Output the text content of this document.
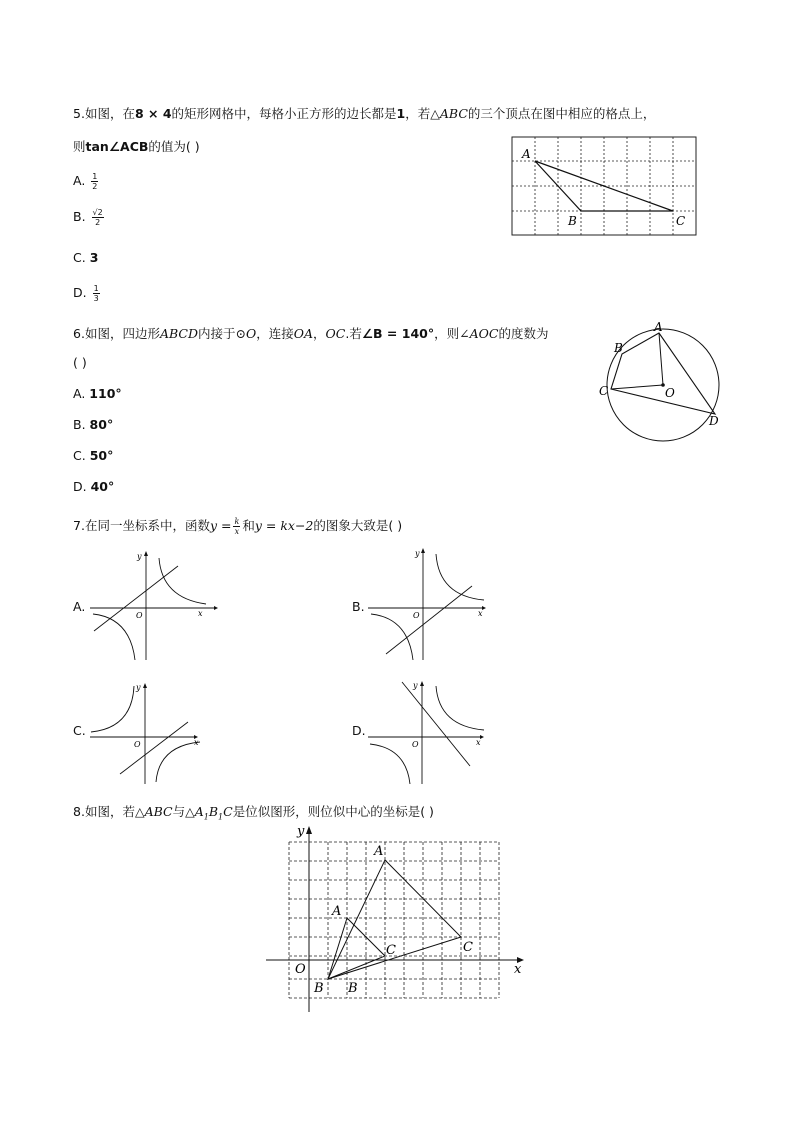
5.如图，在8 × 4的矩形网格中，每格小正方形的边长都是1，若△ABC的三个顶点在图中相应的格点上，
则tan∠ACB的值为( )
A. $\frac{1}{2}$
B. $\frac{√2}{2}$
C. 3
D. $\frac{1}{3}$
A
B	C
6.如图，四边形ABCD内接于⊙O，连接OA，OC.若∠B = 140°，则∠AOC的度数为
( )
A. 110°
B. 80°
C. 50°
D. 40°
A
B
C
D
O
7.在同一坐标系中，函数$y = \frac{k}{x}$ 和y = kx−2的图象大致是( )
A.	B.
C.	D.
O	x
y
O	x
y
O	x
y
O	x
y
8.如图，若△ABC与$\triangle A_1B_1C$是位似图形，则位似中心的坐标是( )
x
y
O
A
A
C	C
B B
